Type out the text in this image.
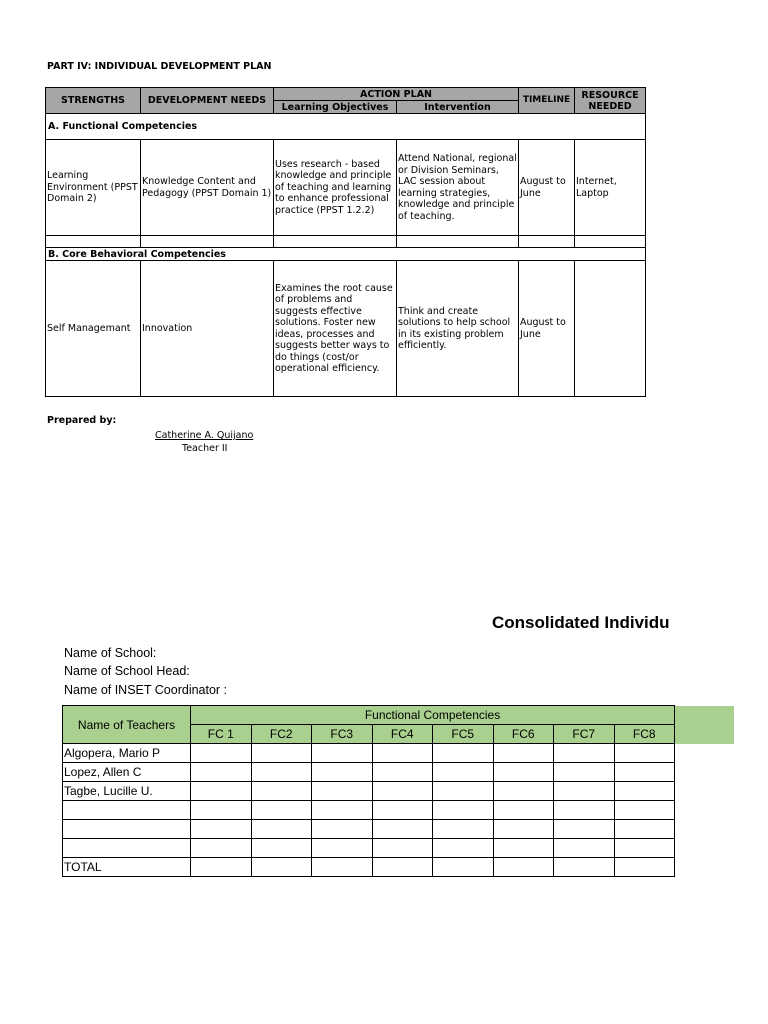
PART IV: INDIVIDUAL DEVELOPMENT PLAN
STRENGTHS	DEVELOPMENT NEEDS	ACTION PLAN		TIMELINE	RESOURCE NEEDED
		Learning Objectives	Intervention		
A. Functional Competencies					
Learning Environment (PPST Domain 2)	Knowledge Content and Pedagogy (PPST Domain 1)	Uses research - based knowledge and principle of teaching and learning to enhance professional practice (PPST 1.2.2)	Attend National, regional or Division Seminars, LAC session about learning strategies, knowledge and principle of teaching.	August to June	Internet, Laptop

B. Core Behavioral Competencies					
Self Managemant	Innovation	Examines the root cause of problems and suggests effective solutions. Foster new ideas, processes and suggests better ways to do things (cost/or operational efficiency.	Think and create solutions to help school in its existing problem efficiently.	August to June	
Prepared by:
Catherine A. Quijano
Teacher II
Consolidated Individu
Name of School:
Name of School Head:
Name of INSET Coordinator :
Name of Teachers	Functional Competencies							
	FC 1	FC2	FC3	FC4	FC5	FC6	FC7	FC8
Algopera, Mario P								
Lopez, Allen C								
Tagbe, Lucille U.								

TOTAL								
